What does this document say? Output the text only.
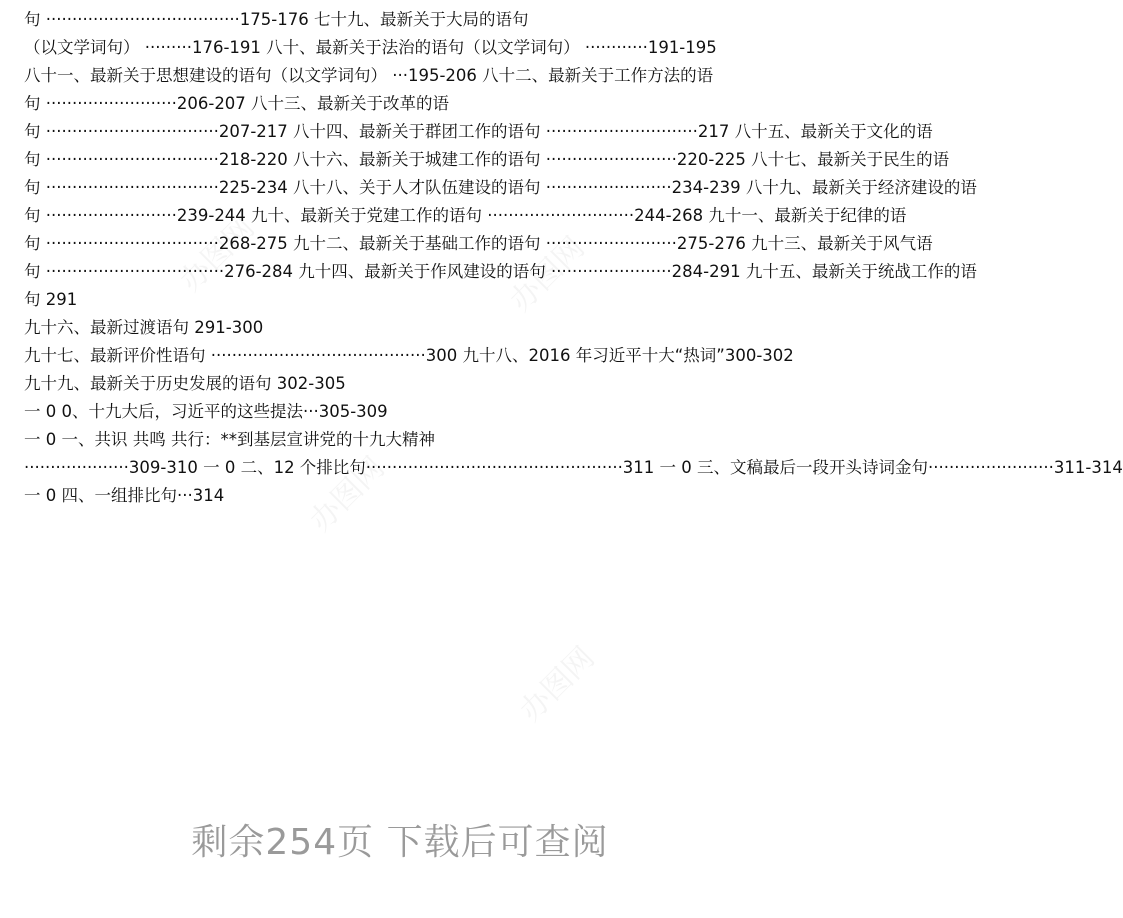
办图网	办图网
办图网
办图网
句 ·····································175-176 七十九、最新关于大局的语句
（以文学词句） ·········176-191 八十、最新关于法治的语句（以文学词句） ············191-195
八十一、最新关于思想建设的语句（以文学词句） ···195-206 八十二、最新关于工作方法的语
句 ·························206-207 八十三、最新关于改革的语
句 ·································207-217 八十四、最新关于群团工作的语句 ·····························217 八十五、最新关于文化的语
句 ·································218-220 八十六、最新关于城建工作的语句 ·························220-225 八十七、最新关于民生的语
句 ·································225-234 八十八、关于人才队伍建设的语句 ························234-239 八十九、最新关于经济建设的语
句 ·························239-244 九十、最新关于党建工作的语句 ····························244-268 九十一、最新关于纪律的语
句 ·································268-275 九十二、最新关于基础工作的语句 ·························275-276 九十三、最新关于风气语
句 ··································276-284 九十四、最新关于作风建设的语句 ·······················284-291 九十五、最新关于统战工作的语
句 291
九十六、最新过渡语句 291-300
九十七、最新评价性语句 ·········································300 九十八、2016 年习近平十大“热词”300-302
九十九、最新关于历史发展的语句 302-305
一 0 0、十九大后，习近平的这些提法···305-309
一 0 一、共识 共鸣 共行：**到基层宣讲党的十九大精神
····················309-310 一 0 二、12 个排比句·················································311 一 0 三、文稿最后一段开头诗词金句························311-314
一 0 四、一组排比句···314
剩余254页 下载后可查阅
